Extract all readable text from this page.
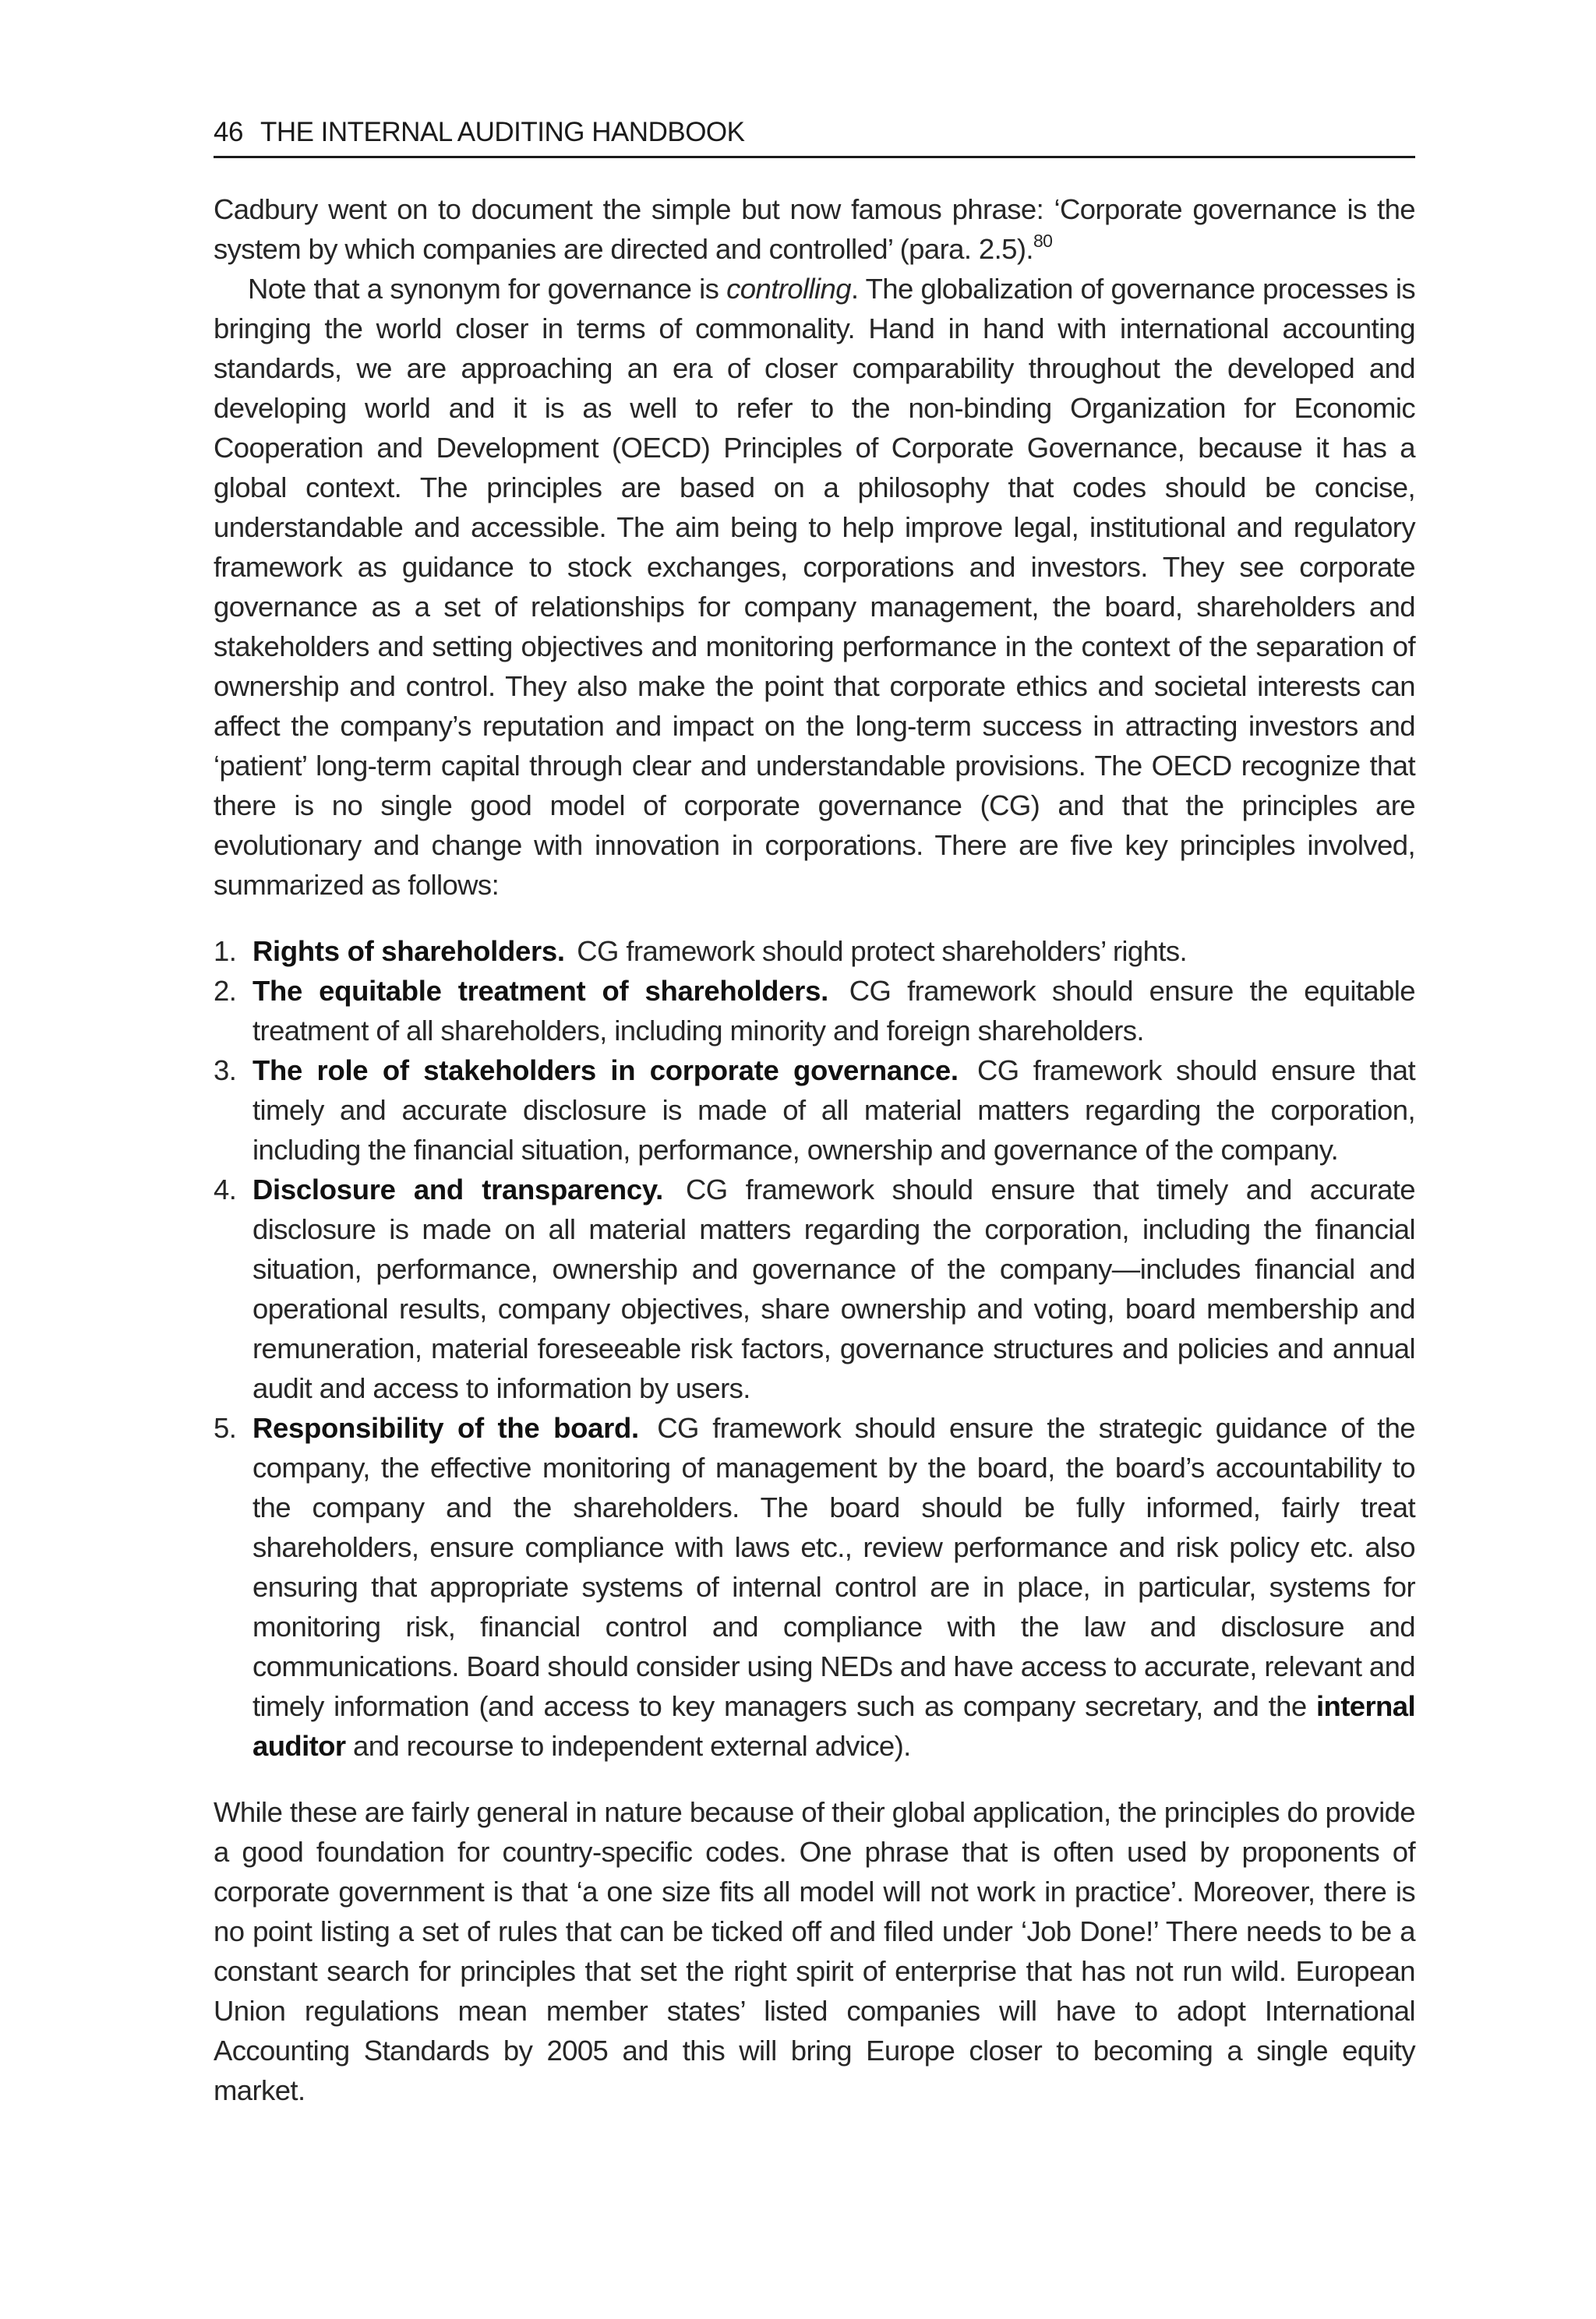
46 THE INTERNAL AUDITING HANDBOOK

Cadbury went on to document the simple but now famous phrase: ‘Corporate governance is the system by which companies are directed and controlled’ (para. 2.5).$^{80}$

Note that a synonym for governance is controlling. The globalization of governance processes is bringing the world closer in terms of commonality. Hand in hand with international accounting standards, we are approaching an era of closer comparability throughout the developed and developing world and it is as well to refer to the non-binding Organization for Economic Cooperation and Development (OECD) Principles of Corporate Governance, because it has a global context. The principles are based on a philosophy that codes should be concise, understandable and accessible. The aim being to help improve legal, institutional and regulatory framework as guidance to stock exchanges, corporations and investors. They see corporate governance as a set of relationships for company management, the board, shareholders and stakeholders and setting objectives and monitoring performance in the context of the separation of ownership and control. They also make the point that corporate ethics and societal interests can affect the company’s reputation and impact on the long-term success in attracting investors and ‘patient’ long-term capital through clear and understandable provisions. The OECD recognize that there is no single good model of corporate governance (CG) and that the principles are evolutionary and change with innovation in corporations. There are five key principles involved, summarized as follows:

1. Rights of shareholders. CG framework should protect shareholders’ rights.
2. The equitable treatment of shareholders. CG framework should ensure the equitable treatment of all shareholders, including minority and foreign shareholders.
3. The role of stakeholders in corporate governance. CG framework should ensure that timely and accurate disclosure is made of all material matters regarding the corporation, including the financial situation, performance, ownership and governance of the company.
4. Disclosure and transparency. CG framework should ensure that timely and accurate disclosure is made on all material matters regarding the corporation, including the financial situation, performance, ownership and governance of the company—includes financial and operational results, company objectives, share ownership and voting, board membership and remuneration, material foreseeable risk factors, governance structures and policies and annual audit and access to information by users.
5. Responsibility of the board. CG framework should ensure the strategic guidance of the company, the effective monitoring of management by the board, the board’s accountability to the company and the shareholders. The board should be fully informed, fairly treat shareholders, ensure compliance with laws etc., review performance and risk policy etc. also ensuring that appropriate systems of internal control are in place, in particular, systems for monitoring risk, financial control and compliance with the law and disclosure and communications. Board should consider using NEDs and have access to accurate, relevant and timely information (and access to key managers such as company secretary, and the internal auditor and recourse to independent external advice).

While these are fairly general in nature because of their global application, the principles do provide a good foundation for country-specific codes. One phrase that is often used by proponents of corporate government is that ‘a one size fits all model will not work in practice’. Moreover, there is no point listing a set of rules that can be ticked off and filed under ‘Job Done!’ There needs to be a constant search for principles that set the right spirit of enterprise that has not run wild. European Union regulations mean member states’ listed companies will have to adopt International Accounting Standards by 2005 and this will bring Europe closer to becoming a single equity market.
